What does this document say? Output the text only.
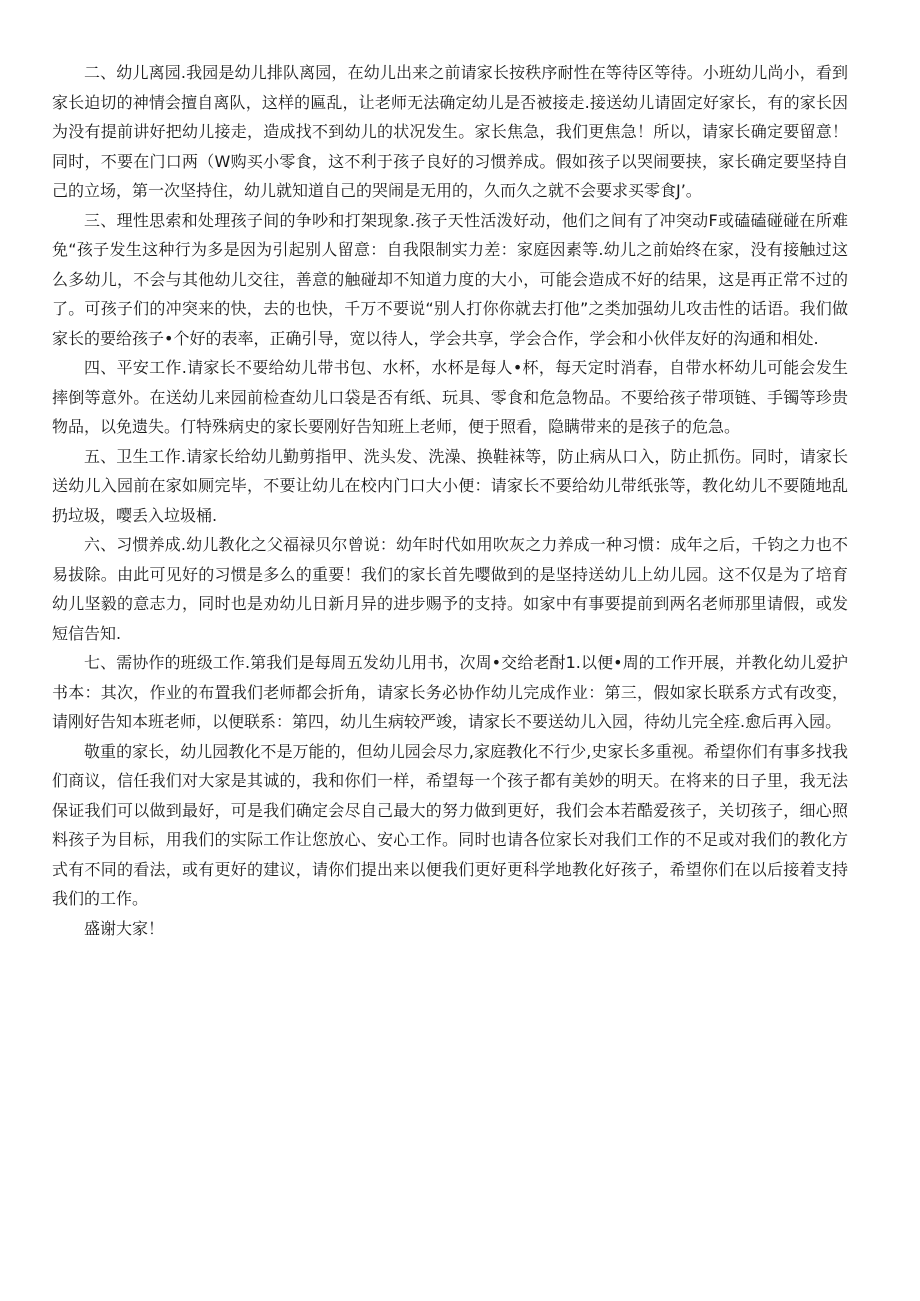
二、幼儿离园.我园是幼儿排队离园，在幼儿出来之前请家长按秩序耐性在等待区等待。小班幼儿尚小，看到家长迫切的神情会擅自离队，这样的匾乱，让老师无法确定幼儿是否被接走.接送幼儿请固定好家长，有的家长因为没有提前讲好把幼儿接走，造成找不到幼儿的状况发生。家长焦急，我们更焦急！所以，请家长确定要留意！同时，不要在门口两（W购买小零食，这不利于孩子良好的习惯养成。假如孩子以哭闹要挟，家长确定要坚持自己的立场，第一次坚持住，幼儿就知道自己的哭闹是无用的，久而久之就不会要求买零食J’。

三、理性思索和处理孩子间的争吵和打架现象.孩子天性活泼好动，他们之间有了冲突动F或磕磕碰碰在所难免“孩子发生这种行为多是因为引起别人留意：自我限制实力差：家庭因素等.幼儿之前始终在家，没有接触过这么多幼儿，不会与其他幼儿交往，善意的触碰却不知道力度的大小，可能会造成不好的结果，这是再正常不过的了。可孩子们的冲突来的快，去的也快，千万不要说“别人打你你就去打他”之类加强幼儿攻击性的话语。我们做家长的要给孩子•个好的表率，正确引导，宽以待人，学会共享，学会合作，学会和小伙伴友好的沟通和相处.

四、平安工作.请家长不要给幼儿带书包、水杯，水杯是每人•杯，每天定时消春，自带水杯幼儿可能会发生摔倒等意外。在送幼儿来园前检查幼儿口袋是否有纸、玩具、零食和危急物品。不要给孩子带项链、手镯等珍贵物品，以免遗失。仃特殊病史的家长要刚好告知班上老师，便于照看，隐瞒带来的是孩子的危急。

五、卫生工作.请家长给幼儿勤剪指甲、洗头发、洗澡、换鞋袜等，防止病从口入，防止抓伤。同时，请家长送幼儿入园前在家如厕完毕，不要让幼儿在校内门口大小便：请家长不要给幼儿带纸张等，教化幼儿不要随地乱扔垃圾，嘤丢入垃圾桶.

六、习惯养成.幼儿教化之父福禄贝尔曾说：幼年时代如用吹灰之力养成一种习惯：成年之后，千钧之力也不易拔除。由此可见好的习惯是多么的重要！我们的家长首先嘤做到的是坚持送幼儿上幼儿园。这不仅是为了培育幼儿坚毅的意志力，同时也是劝幼儿日新月异的进步赐予的支持。如家中有事要提前到两名老师那里请假，或发短信告知.

七、需协作的班级工作.第我们是每周五发幼儿用书，次周•交给老酎1.以便•周的工作开展，并教化幼儿爱护书本：其次，作业的布置我们老师都会折角，请家长务必协作幼儿完成作业：第三，假如家长联系方式有改变，请刚好告知本班老师，以便联系：第四，幼儿生病较严竣，请家长不要送幼儿入园，待幼儿完全痊.愈后再入园。

敬重的家长，幼儿园教化不是万能的，但幼儿园会尽力,家庭教化不行少,史家长多重视。希望你们有事多找我们商议，信任我们对大家是其诚的，我和你们一样，希望每一个孩子都有美妙的明天。在将来的日子里，我无法保证我们可以做到最好，可是我们确定会尽自己最大的努力做到更好，我们会本若酷爱孩子，关切孩子，细心照料孩子为目标，用我们的实际工作让您放心、安心工作。同时也请各位家长对我们工作的不足或对我们的教化方式有不同的看法，或有更好的建议，请你们提出来以便我们更好更科学地教化好孩子，希望你们在以后接着支持我们的工作。

盛谢大家！
